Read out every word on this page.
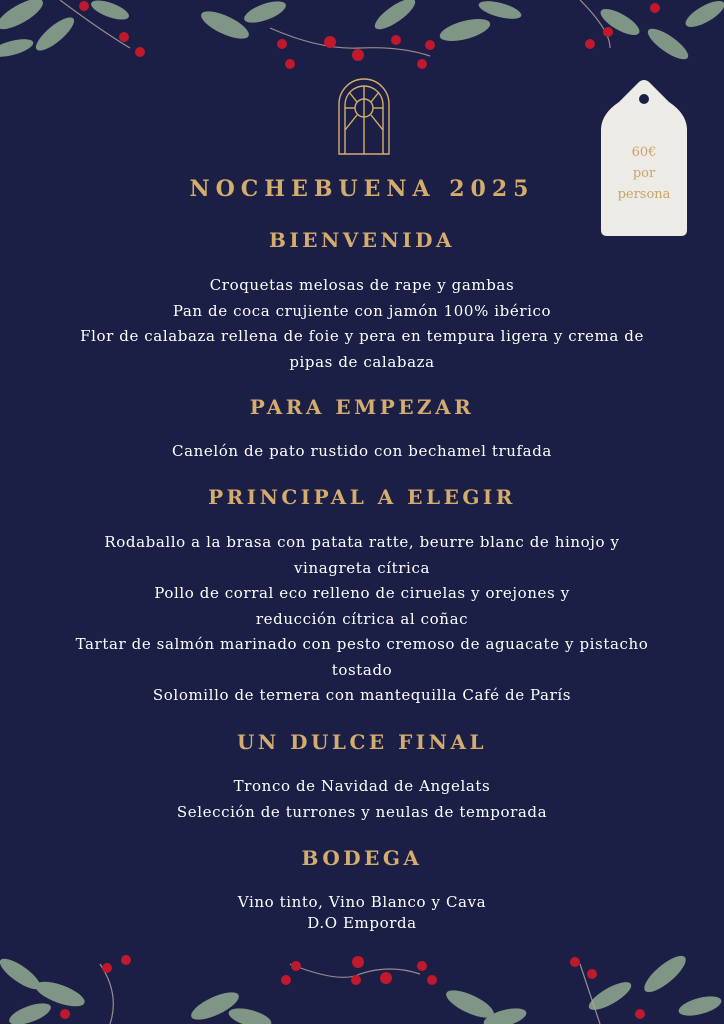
60€
por
persona
NOCHEBUENA 2025
BIENVENIDA
Croquetas melosas de rape y gambas
Pan de coca crujiente con jamón 100% ibérico
Flor de calabaza rellena de foie y pera en tempura ligera y crema de
pipas de calabaza
PARA EMPEZAR
Canelón de pato rustido con bechamel trufada
PRINCIPAL A ELEGIR
Rodaballo a la brasa con patata ratte, beurre blanc de hinojo y
vinagreta cítrica
Pollo de corral eco relleno de ciruelas y orejones y
reducción cítrica al coñac
Tartar de salmón marinado con pesto cremoso de aguacate y pistacho
tostado
Solomillo de ternera con mantequilla Café de París
UN DULCE FINAL
Tronco de Navidad de Angelats
Selección de turrones y neulas de temporada
BODEGA
Vino tinto, Vino Blanco y Cava
D.O Emporda
